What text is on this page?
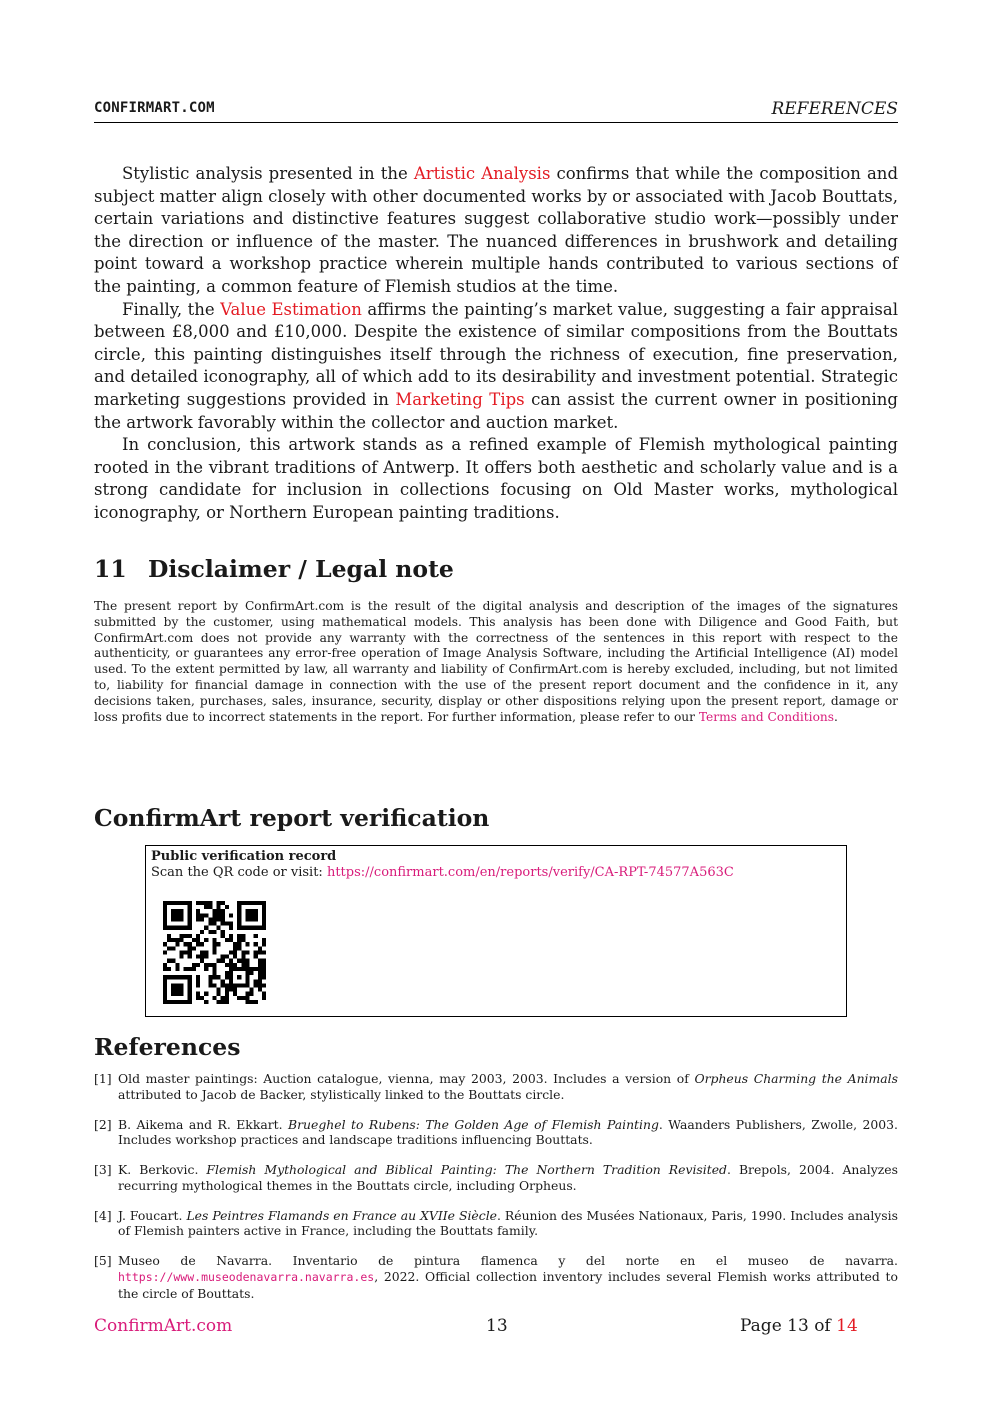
CONFIRMART.COM	REFERENCES

Stylistic analysis presented in the Artistic Analysis confirms that while the composition and subject matter align closely with other documented works by or associated with Jacob Bouttats, certain variations and distinctive features suggest collaborative studio work—possibly under the direction or influence of the master. The nuanced differences in brushwork and detailing point toward a workshop practice wherein multiple hands contributed to various sections of the painting, a common feature of Flemish studios at the time.

Finally, the Value Estimation affirms the painting’s market value, suggesting a fair appraisal between £8,000 and £10,000. Despite the existence of similar compositions from the Bouttats circle, this painting distinguishes itself through the richness of execution, fine preservation, and detailed iconography, all of which add to its desirability and investment potential. Strategic marketing suggestions provided in Marketing Tips can assist the current owner in positioning the artwork favorably within the collector and auction market.

In conclusion, this artwork stands as a refined example of Flemish mythological painting rooted in the vibrant traditions of Antwerp. It offers both aesthetic and scholarly value and is a strong candidate for inclusion in collections focusing on Old Master works, mythological iconography, or Northern European painting traditions.

11 Disclaimer / Legal note
The present report by ConfirmArt.com is the result of the digital analysis and description of the images of the signatures submitted by the customer, using mathematical models. This analysis has been done with Diligence and Good Faith, but ConfirmArt.com does not provide any warranty with the correctness of the sentences in this report with respect to the authenticity, or guarantees any error-free operation of Image Analysis Software, including the Artificial Intelligence (AI) model used. To the extent permitted by law, all warranty and liability of ConfirmArt.com is hereby excluded, including, but not limited to, liability for financial damage in connection with the use of the present report document and the confidence in it, any decisions taken, purchases, sales, insurance, security, display or other dispositions relying upon the present report, damage or loss profits due to incorrect statements in the report. For further information, please refer to our Terms and Conditions.
ConfirmArt report verification
Public verification record
Scan the QR code or visit: https://confirmart.com/en/reports/verify/CA-RPT-74577A563C
References
[1] Old master paintings: Auction catalogue, vienna, may 2003, 2003. Includes a version of Orpheus Charming the Animals attributed to Jacob de Backer, stylistically linked to the Bouttats circle.
[2] B. Aikema and R. Ekkart. Brueghel to Rubens: The Golden Age of Flemish Painting. Waanders Publishers, Zwolle, 2003. Includes workshop practices and landscape traditions influencing Bouttats.
[3] K. Berkovic. Flemish Mythological and Biblical Painting: The Northern Tradition Revisited. Brepols, 2004. Analyzes recurring mythological themes in the Bouttats circle, including Orpheus.
[4] J. Foucart. Les Peintres Flamands en France au XVIIe Siècle. Réunion des Musées Nationaux, Paris, 1990. Includes analysis of Flemish painters active in France, including the Bouttats family.
[5] Museo de Navarra. Inventario de pintura flamenca y del norte en el museo de navarra. https://www.museodenavarra.navarra.es, 2022. Official collection inventory includes several Flemish works attributed to the circle of Bouttats.
ConfirmArt.com	13	Page 13 of 14
